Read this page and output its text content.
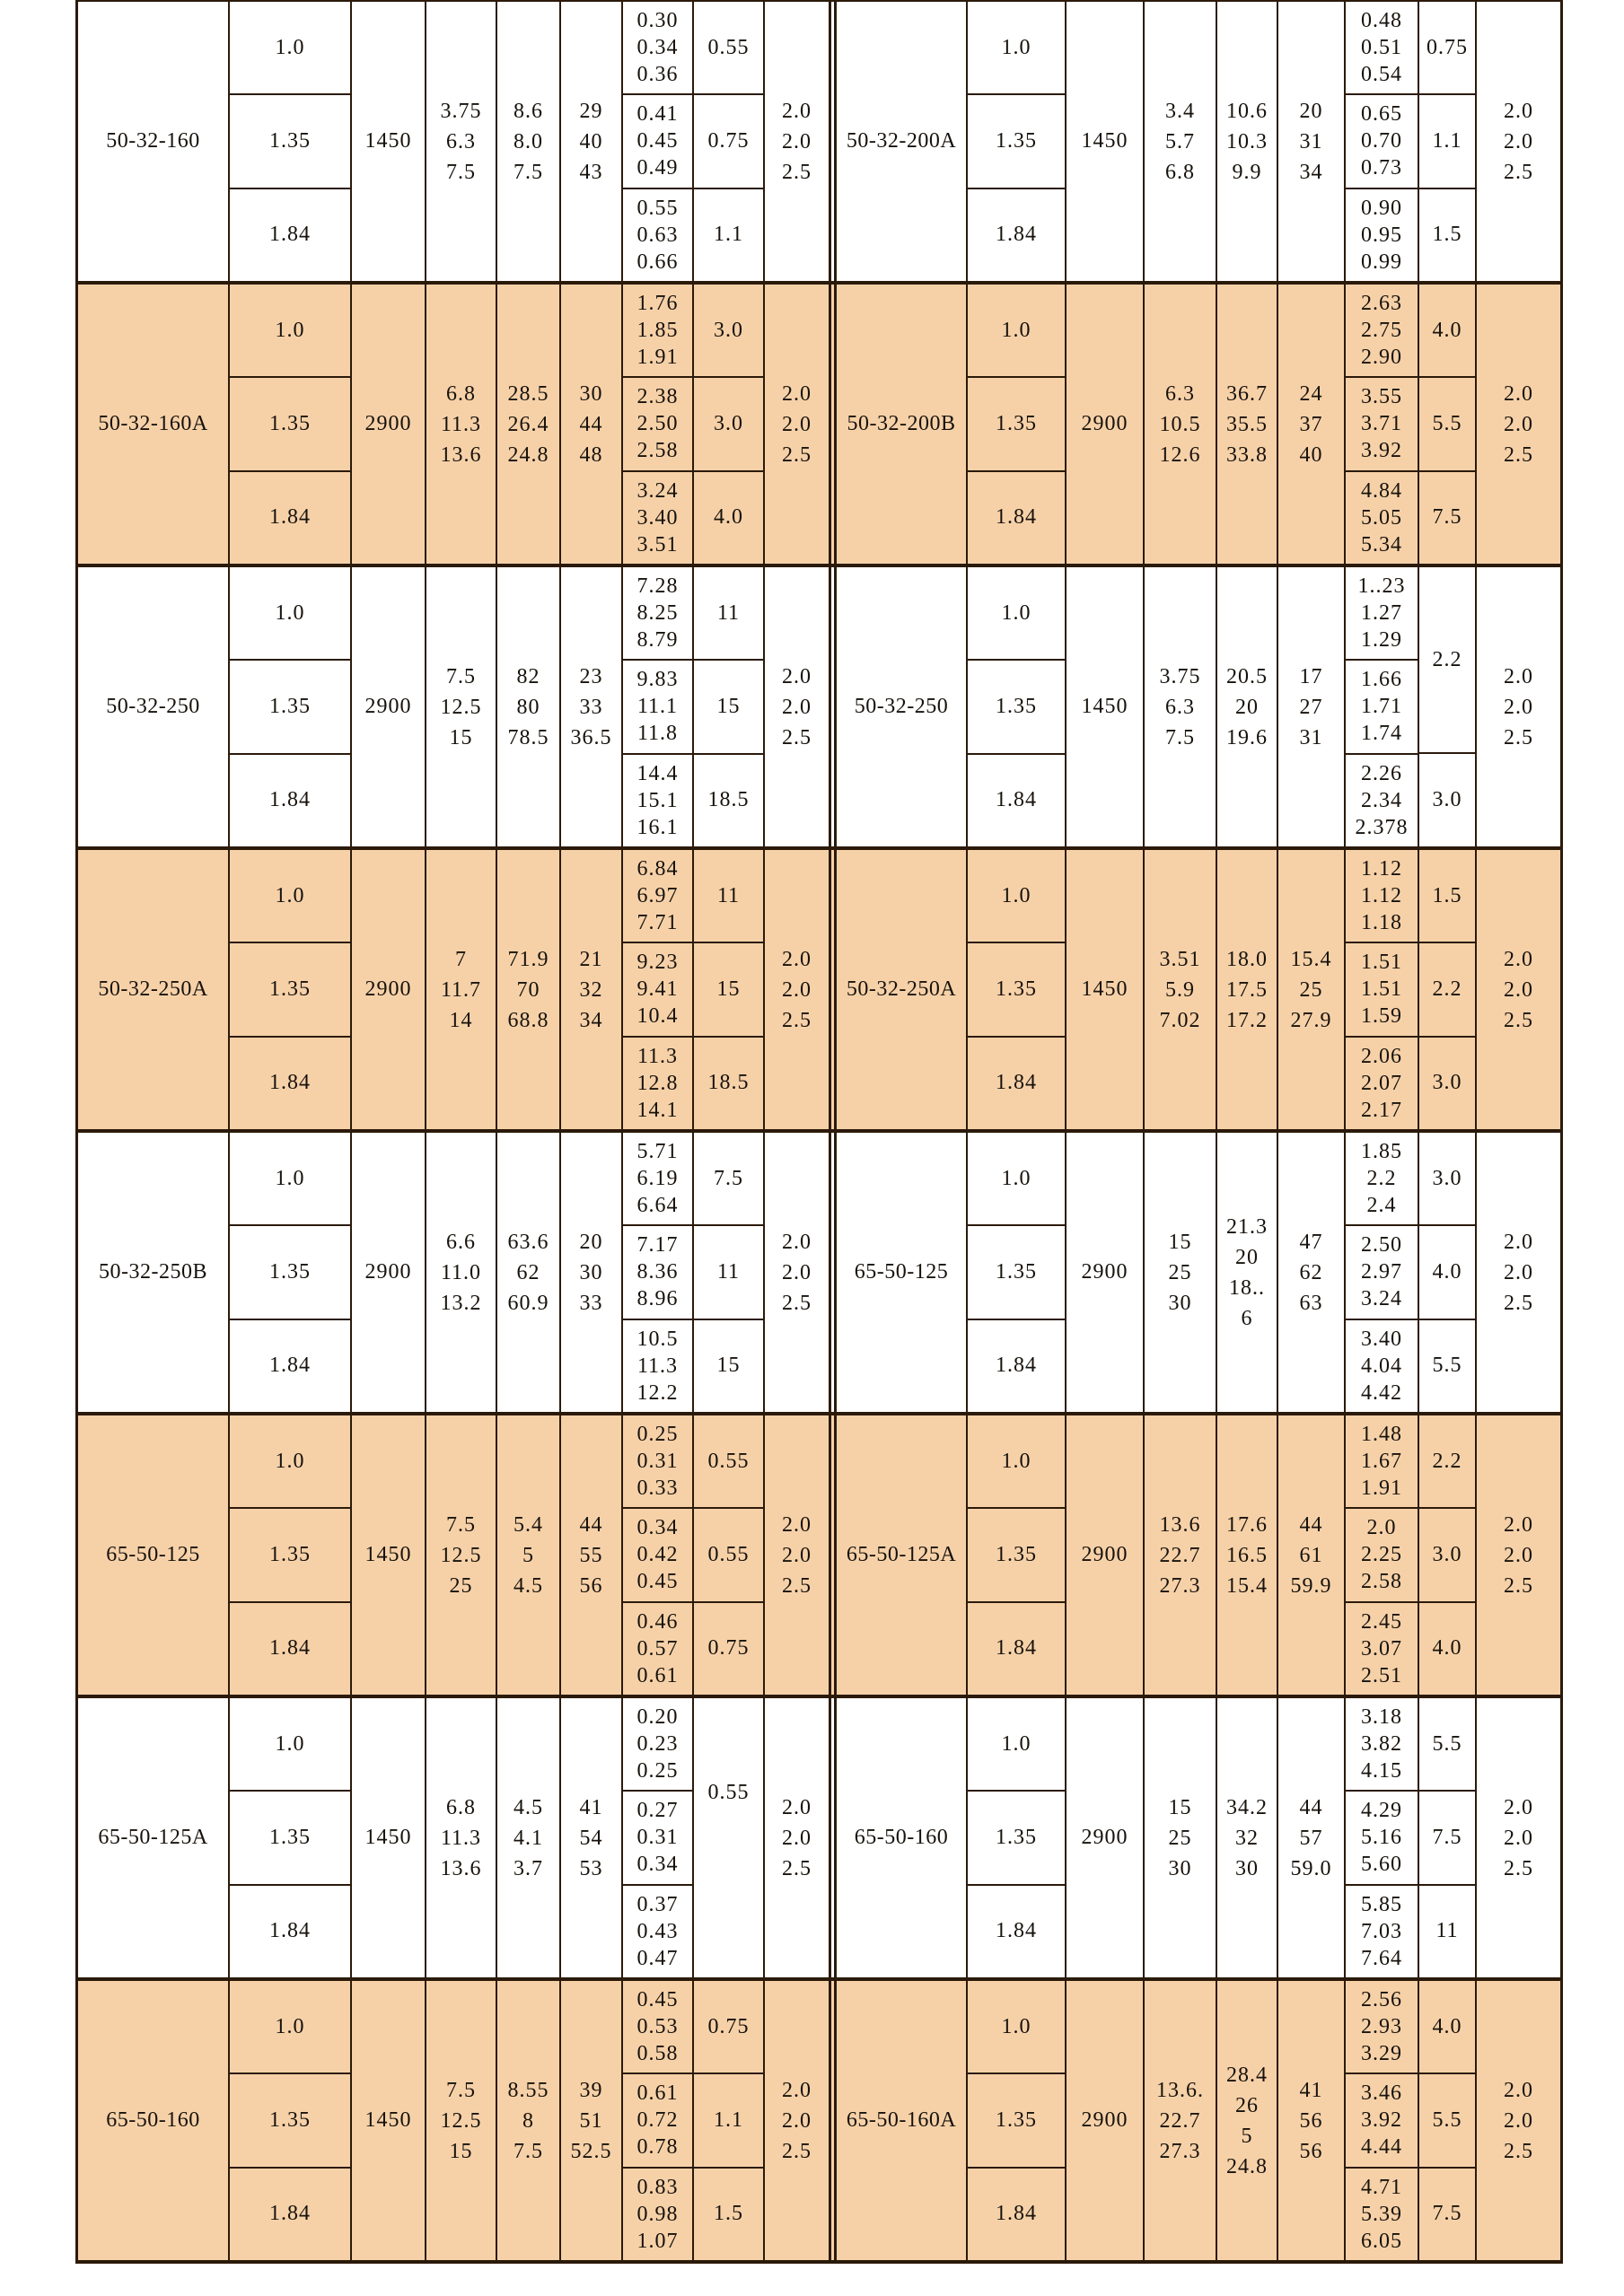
50-32-160
1.0
1.35
1.84
1450
3.75
6.3
7.5
8.6
8.0
7.5
29
40
43
0.30
0.34
0.36
0.41
0.45
0.49
0.55
0.63
0.66
0.55
0.75
1.1
2.0
2.0
2.5
50-32-200A
1.0
1.35
1.84
1450
3.4
5.7
6.8
10.6
10.3
9.9
20
31
34
0.48
0.51
0.54
0.65
0.70
0.73
0.90
0.95
0.99
0.75
1.1
1.5
2.0
2.0
2.5
50-32-160A
1.0
1.35
1.84
2900
6.8
11.3
13.6
28.5
26.4
24.8
30
44
48
1.76
1.85
1.91
2.38
2.50
2.58
3.24
3.40
3.51
3.0
3.0
4.0
2.0
2.0
2.5
50-32-200B
1.0
1.35
1.84
2900
6.3
10.5
12.6
36.7
35.5
33.8
24
37
40
2.63
2.75
2.90
3.55
3.71
3.92
4.84
5.05
5.34
4.0
5.5
7.5
2.0
2.0
2.5
50-32-250
1.0
1.35
1.84
2900
7.5
12.5
15
82
80
78.5
23
33
36.5
7.28
8.25
8.79
9.83
11.1
11.8
14.4
15.1
16.1
11
15
18.5
2.0
2.0
2.5
50-32-250
1.0
1.35
1.84
1450
3.75
6.3
7.5
20.5
20
19.6
17
27
31
1..23
1.27
1.29
1.66
1.71
1.74
2.26
2.34
2.378
2.2
3.0
2.0
2.0
2.5
50-32-250A
1.0
1.35
1.84
2900
7
11.7
14
71.9
70
68.8
21
32
34
6.84
6.97
7.71
9.23
9.41
10.4
11.3
12.8
14.1
11
15
18.5
2.0
2.0
2.5
50-32-250A
1.0
1.35
1.84
1450
3.51
5.9
7.02
18.0
17.5
17.2
15.4
25
27.9
1.12
1.12
1.18
1.51
1.51
1.59
2.06
2.07
2.17
1.5
2.2
3.0
2.0
2.0
2.5
50-32-250B
1.0
1.35
1.84
2900
6.6
11.0
13.2
63.6
62
60.9
20
30
33
5.71
6.19
6.64
7.17
8.36
8.96
10.5
11.3
12.2
7.5
11
15
2.0
2.0
2.5
65-50-125
1.0
1.35
1.84
2900
15
25
30
21.3
20
18..
6
47
62
63
1.85
2.2
2.4
2.50
2.97
3.24
3.40
4.04
4.42
3.0
4.0
5.5
2.0
2.0
2.5
65-50-125
1.0
1.35
1.84
1450
7.5
12.5
25
5.4
5
4.5
44
55
56
0.25
0.31
0.33
0.34
0.42
0.45
0.46
0.57
0.61
0.55
0.55
0.75
2.0
2.0
2.5
65-50-125A
1.0
1.35
1.84
2900
13.6
22.7
27.3
17.6
16.5
15.4
44
61
59.9
1.48
1.67
1.91
2.0
2.25
2.58
2.45
3.07
2.51
2.2
3.0
4.0
2.0
2.0
2.5
65-50-125A
1.0
1.35
1.84
1450
6.8
11.3
13.6
4.5
4.1
3.7
41
54
53
0.20
0.23
0.25
0.27
0.31
0.34
0.37
0.43
0.47
0.55
2.0
2.0
2.5
65-50-160
1.0
1.35
1.84
2900
15
25
30
34.2
32
30
44
57
59.0
3.18
3.82
4.15
4.29
5.16
5.60
5.85
7.03
7.64
5.5
7.5
11
2.0
2.0
2.5
65-50-160
1.0
1.35
1.84
1450
7.5
12.5
15
8.55
8
7.5
39
51
52.5
0.45
0.53
0.58
0.61
0.72
0.78
0.83
0.98
1.07
0.75
1.1
1.5
2.0
2.0
2.5
65-50-160A
1.0
1.35
1.84
2900
13.6.
22.7
27.3
28.4
26
5
24.8
41
56
56
2.56
2.93
3.29
3.46
3.92
4.44
4.71
5.39
6.05
4.0
5.5
7.5
2.0
2.0
2.5
